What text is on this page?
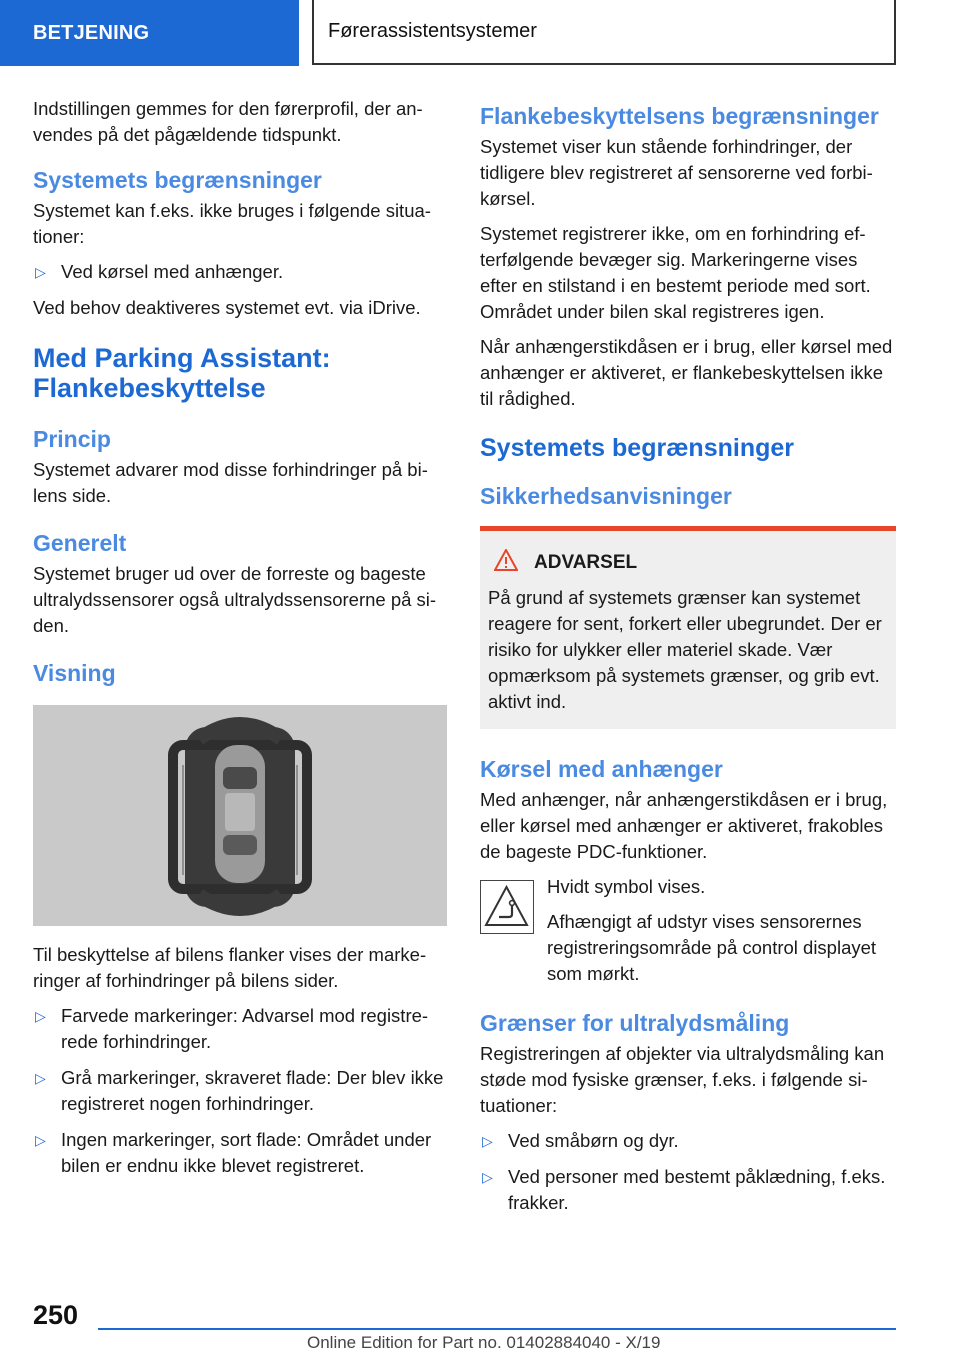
BETJENING	Førerassistentsystemer

Indstillingen gemmes for den førerprofil, der anvendes på det pågældende tidspunkt.

Systemets begrænsninger

Systemet kan f.eks. ikke bruges i følgende situationer:

▷ Ved kørsel med anhænger.

Ved behov deaktiveres systemet evt. via iDrive.

Med Parking Assistant: Flankebeskyttelse
Princip

Systemet advarer mod disse forhindringer på bilens side.

Generelt

Systemet bruger ud over de forreste og bageste ultralydssensorer også ultralydssensorerne på siden.

Visning

Til beskyttelse af bilens flanker vises der markeringer af forhindringer på bilens sider.

▷ Farvede markeringer: Advarsel mod registrerede forhindringer.
▷ Grå markeringer, skraveret flade: Der blev ikke registreret nogen forhindringer.
▷ Ingen markeringer, sort flade: Området under bilen er endnu ikke blevet registreret.
Flankebeskyttelsens begrænsninger

Systemet viser kun stående forhindringer, der tidligere blev registreret af sensorerne ved forbikørsel.

Systemet registrerer ikke, om en forhindring efterfølgende bevæger sig. Markeringerne vises efter en stilstand i en bestemt periode med sort. Området under bilen skal registreres igen.

Når anhængerstikdåsen er i brug, eller kørsel med anhænger er aktiveret, er flankebeskyttelsen ikke til rådighed.

Systemets begrænsninger
Sikkerhedsanvisninger
ADVARSEL

På grund af systemets grænser kan systemet reagere for sent, forkert eller ubegrundet. Der er risiko for ulykker eller materiel skade. Vær opmærksom på systemets grænser, og grib evt. aktivt ind.

Kørsel med anhænger

Med anhænger, når anhængerstikdåsen er i brug, eller kørsel med anhænger er aktiveret, frakobles de bageste PDC-funktioner.

Hvidt symbol vises.

Afhængigt af udstyr vises sensorernes registreringsområde på control displayet som mørkt.

Grænser for ultralydsmåling

Registreringen af objekter via ultralydsmåling kan støde mod fysiske grænser, f.eks. i følgende situationer:

▷ Ved småbørn og dyr.
▷ Ved personer med bestemt påklædning, f.eks. frakker.
250
Online Edition for Part no. 01402884040 - X/19
